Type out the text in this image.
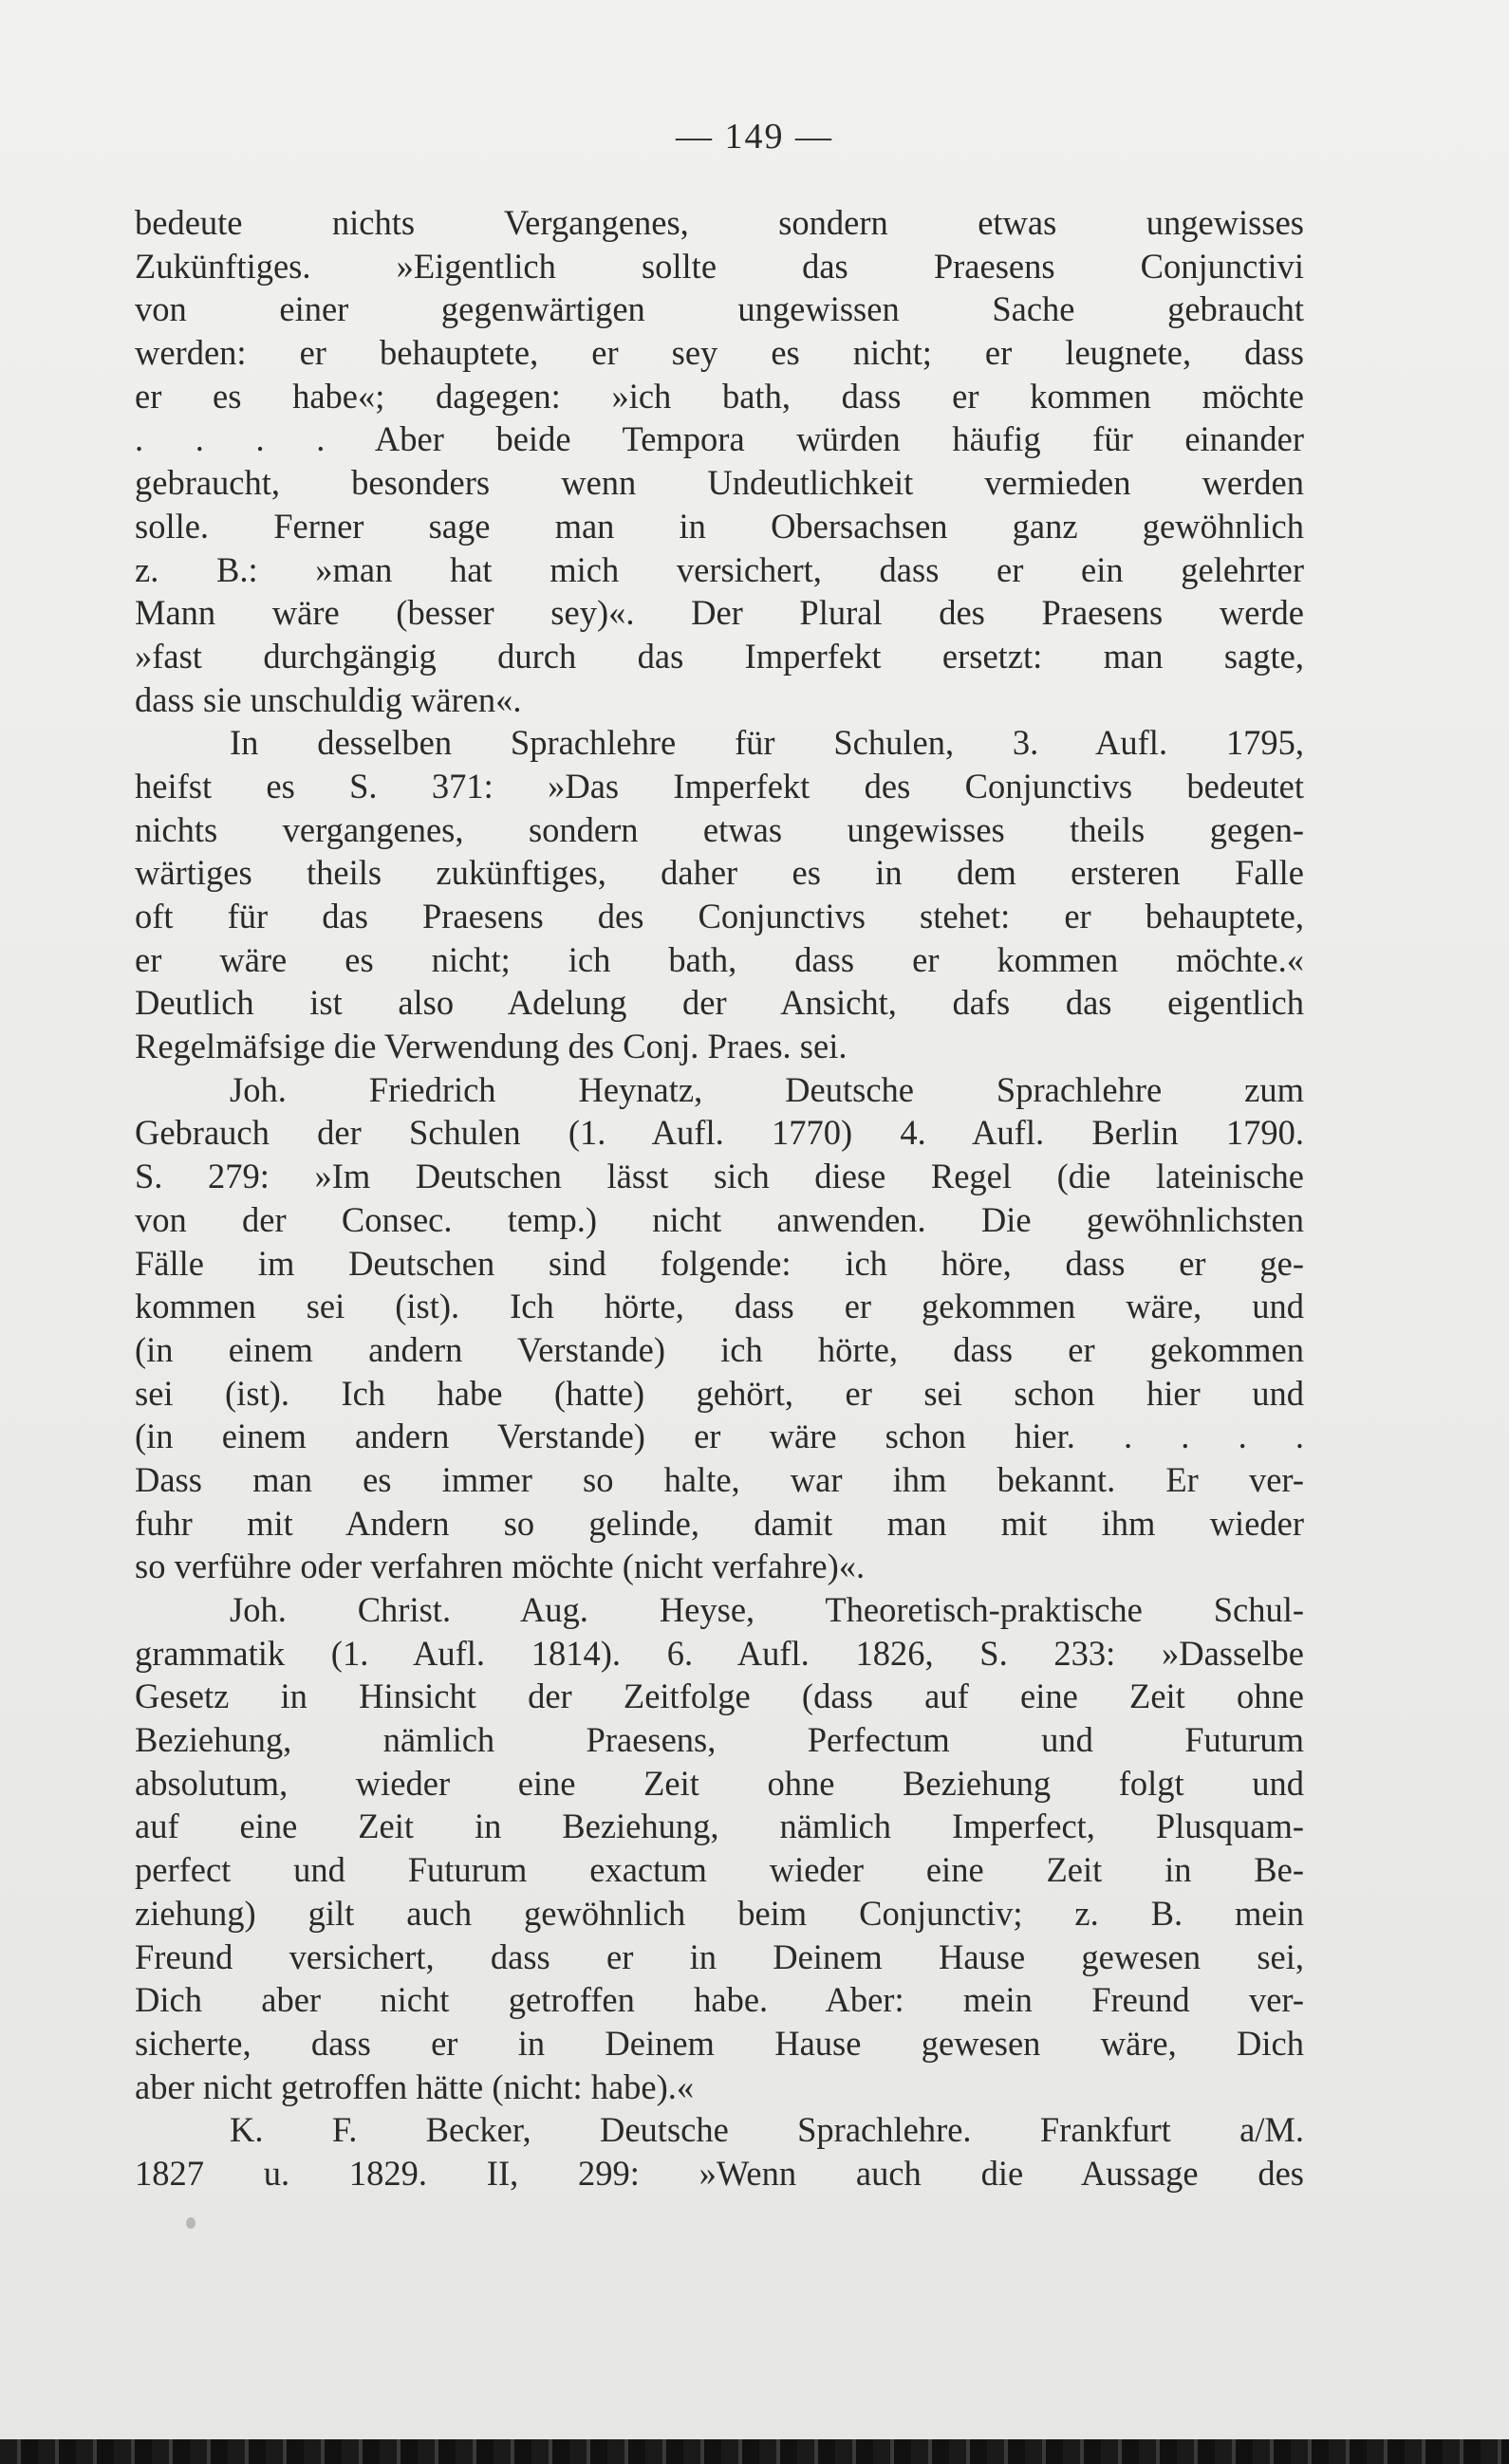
— 149 —
bedeute nichts Vergangenes, sondern etwas ungewisses
Zukünftiges. »Eigentlich sollte das Praesens Conjunctivi
von einer gegenwärtigen ungewissen Sache gebraucht
werden: er behauptete, er sey es nicht; er leugnete, dass
er es habe«; dagegen: »ich bath, dass er kommen möchte
. . . . Aber beide Tempora würden häufig für einander
gebraucht, besonders wenn Undeutlichkeit vermieden werden
solle. Ferner sage man in Obersachsen ganz gewöhnlich
z. B.: »man hat mich versichert, dass er ein gelehrter
Mann wäre (besser sey)«. Der Plural des Praesens werde
»fast durchgängig durch das Imperfekt ersetzt: man sagte,
dass sie unschuldig wären«.
In desselben Sprachlehre für Schulen, 3. Aufl. 1795,
heifst es S. 371: »Das Imperfekt des Conjunctivs bedeutet
nichts vergangenes, sondern etwas ungewisses theils gegen-
wärtiges theils zukünftiges, daher es in dem ersteren Falle
oft für das Praesens des Conjunctivs stehet: er behauptete,
er wäre es nicht; ich bath, dass er kommen möchte.«
Deutlich ist also Adelung der Ansicht, dafs das eigentlich
Regelmäfsige die Verwendung des Conj. Praes. sei.
Joh. Friedrich Heynatz, Deutsche Sprachlehre zum
Gebrauch der Schulen (1. Aufl. 1770) 4. Aufl. Berlin 1790.
S. 279: »Im Deutschen lässt sich diese Regel (die lateinische
von der Consec. temp.) nicht anwenden. Die gewöhnlichsten
Fälle im Deutschen sind folgende: ich höre, dass er ge-
kommen sei (ist). Ich hörte, dass er gekommen wäre, und
(in einem andern Verstande) ich hörte, dass er gekommen
sei (ist). Ich habe (hatte) gehört, er sei schon hier und
(in einem andern Verstande) er wäre schon hier. . . . .
Dass man es immer so halte, war ihm bekannt. Er ver-
fuhr mit Andern so gelinde, damit man mit ihm wieder
so verführe oder verfahren möchte (nicht verfahre)«.
Joh. Christ. Aug. Heyse, Theoretisch-praktische Schul-
grammatik (1. Aufl. 1814). 6. Aufl. 1826, S. 233: »Dasselbe
Gesetz in Hinsicht der Zeitfolge (dass auf eine Zeit ohne
Beziehung, nämlich Praesens, Perfectum und Futurum
absolutum, wieder eine Zeit ohne Beziehung folgt und
auf eine Zeit in Beziehung, nämlich Imperfect, Plusquam-
perfect und Futurum exactum wieder eine Zeit in Be-
ziehung) gilt auch gewöhnlich beim Conjunctiv; z. B. mein
Freund versichert, dass er in Deinem Hause gewesen sei,
Dich aber nicht getroffen habe. Aber: mein Freund ver-
sicherte, dass er in Deinem Hause gewesen wäre, Dich
aber nicht getroffen hätte (nicht: habe).«
K. F. Becker, Deutsche Sprachlehre. Frankfurt a/M.
1827 u. 1829. II, 299: »Wenn auch die Aussage des
